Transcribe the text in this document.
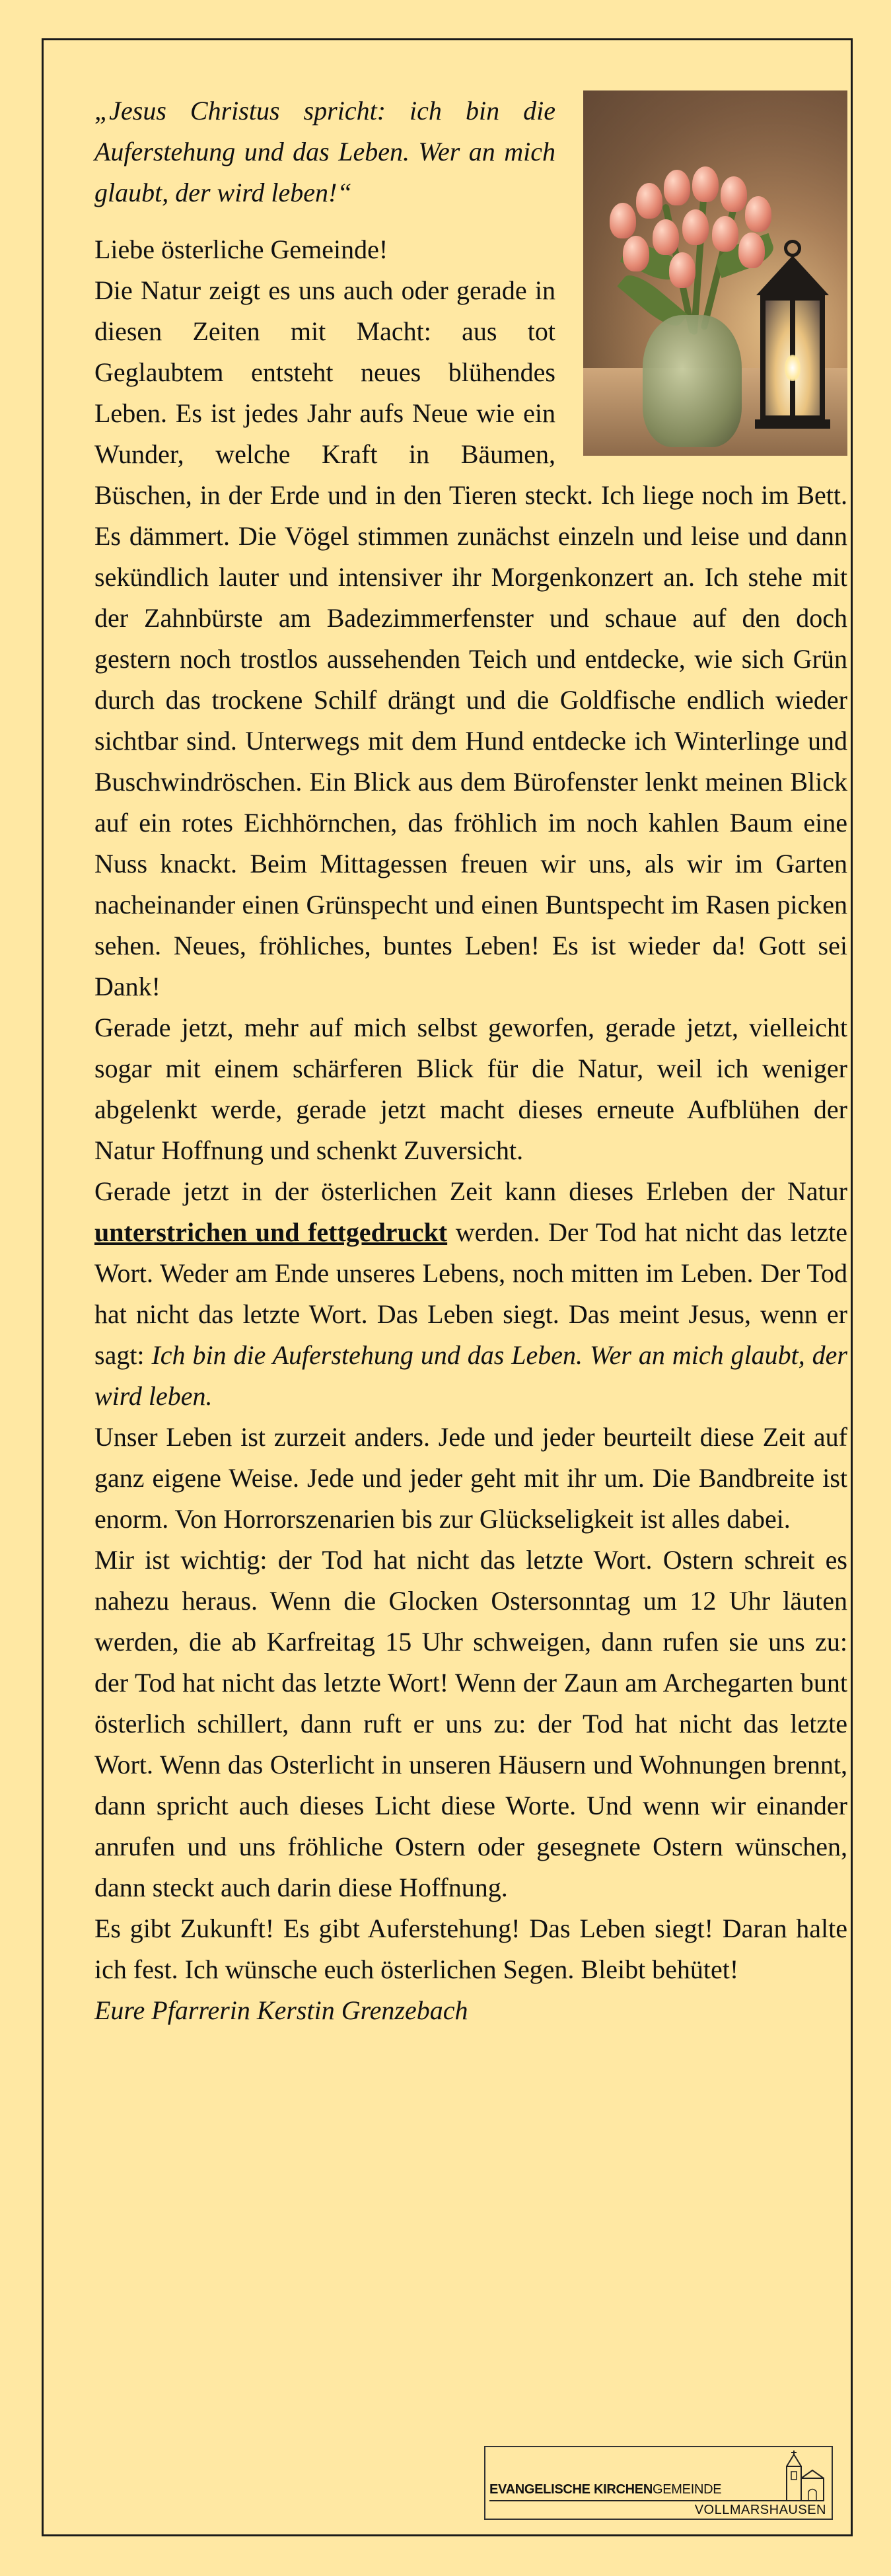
„Jesus Christus spricht: ich bin die Auferstehung und das Leben. Wer an mich glaubt, der wird leben!“

Liebe österliche Gemeinde!

Die Natur zeigt es uns auch oder gerade in diesen Zeiten mit Macht: aus tot Geglaubtem entsteht neues blühendes Leben. Es ist jedes Jahr aufs Neue wie ein Wunder, welche Kraft in Bäumen, Büschen, in der Erde und in den Tieren steckt. Ich liege noch im Bett. Es dämmert. Die Vögel stimmen zunächst einzeln und leise und dann sekündlich lauter und intensiver ihr Morgenkonzert an. Ich stehe mit der Zahnbürste am Badezimmerfenster und schaue auf den doch gestern noch trostlos aussehenden Teich und entdecke, wie sich Grün durch das trockene Schilf drängt und die Goldfische endlich wieder sichtbar sind. Unterwegs mit dem Hund entdecke ich Winterlinge und Buschwindröschen. Ein Blick aus dem Bürofenster lenkt meinen Blick auf ein rotes Eichhörnchen, das fröhlich im noch kahlen Baum eine Nuss knackt. Beim Mittagessen freuen wir uns, als wir im Garten nacheinander einen Grünspecht und einen Buntspecht im Rasen picken sehen. Neues, fröhliches, buntes Leben! Es ist wieder da! Gott sei Dank!

Gerade jetzt, mehr auf mich selbst geworfen, gerade jetzt, vielleicht sogar mit einem schärferen Blick für die Natur, weil ich weniger abgelenkt werde, gerade jetzt macht dieses erneute Aufblühen der Natur Hoffnung und schenkt Zuversicht.

Gerade jetzt in der österlichen Zeit kann dieses Erleben der Natur unterstrichen und fettgedruckt werden. Der Tod hat nicht das letzte Wort. Weder am Ende unseres Lebens, noch mitten im Leben. Der Tod hat nicht das letzte Wort. Das Leben siegt. Das meint Jesus, wenn er sagt: Ich bin die Auferstehung und das Leben. Wer an mich glaubt, der wird leben.

Unser Leben ist zurzeit anders. Jede und jeder beurteilt diese Zeit auf ganz eigene Weise. Jede und jeder geht mit ihr um. Die Bandbreite ist enorm. Von Horrorszenarien bis zur Glückseligkeit ist alles dabei.

Mir ist wichtig: der Tod hat nicht das letzte Wort. Ostern schreit es nahezu heraus. Wenn die Glocken Ostersonntag um 12 Uhr läuten werden, die ab Karfreitag 15 Uhr schweigen, dann rufen sie uns zu: der Tod hat nicht das letzte Wort! Wenn der Zaun am Archegarten bunt österlich schillert, dann ruft er uns zu: der Tod hat nicht das letzte Wort. Wenn das Osterlicht in unseren Häusern und Wohnungen brennt, dann spricht auch dieses Licht diese Worte. Und wenn wir einander anrufen und uns fröhliche Ostern oder gesegnete Ostern wünschen, dann steckt auch darin diese Hoffnung.

Es gibt Zukunft! Es gibt Auferstehung! Das Leben siegt! Daran halte ich fest. Ich wünsche euch österlichen Segen. Bleibt behütet!

Eure Pfarrerin Kerstin Grenzebach

EVANGELISCHE KIRCHENGEMEINDE
VOLLMARSHAUSEN
